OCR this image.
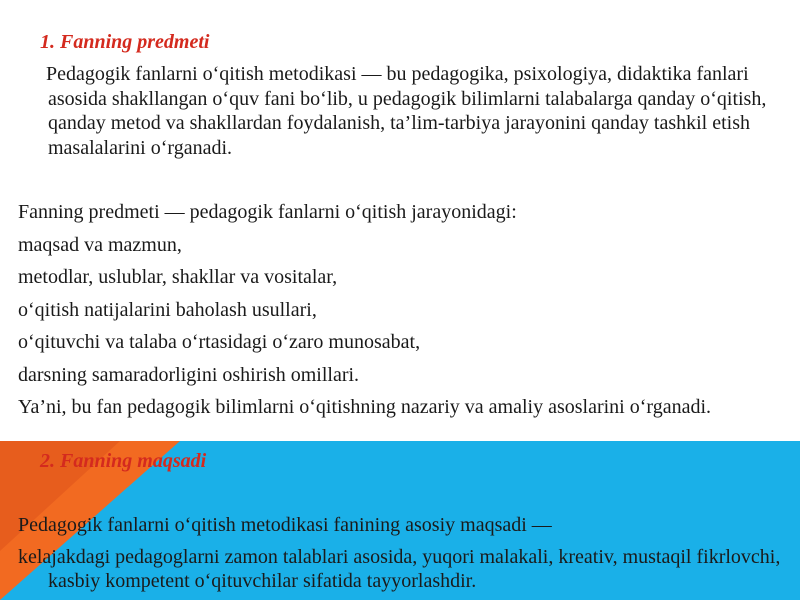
1. Fanning predmeti

Pedagogik fanlarni o‘qitish metodikasi — bu pedagogika, psixologiya, didaktika fanlari asosida shakllangan o‘quv fani bo‘lib, u pedagogik bilimlarni talabalarga qanday o‘qitish, qanday metod va shakllardan foydalanish, ta’lim-tarbiya jarayonini qanday tashkil etish masalalarini o‘rganadi.

Fanning predmeti — pedagogik fanlarni o‘qitish jarayonidagi:
maqsad va mazmun,
metodlar, uslublar, shakllar va vositalar,
o‘qitish natijalarini baholash usullari,
o‘qituvchi va talaba o‘rtasidagi o‘zaro munosabat,
darsning samaradorligini oshirish omillari.
Ya’ni, bu fan pedagogik bilimlarni o‘qitishning nazariy va amaliy asoslarini o‘rganadi.
2. Fanning maqsadi
Pedagogik fanlarni o‘qitish metodikasi fanining asosiy maqsadi —
kelajakdagi pedagoglarni zamon talablari asosida, yuqori malakali, kreativ, mustaqil fikrlovchi, kasbiy kompetent o‘qituvchilar sifatida tayyorlashdir.
